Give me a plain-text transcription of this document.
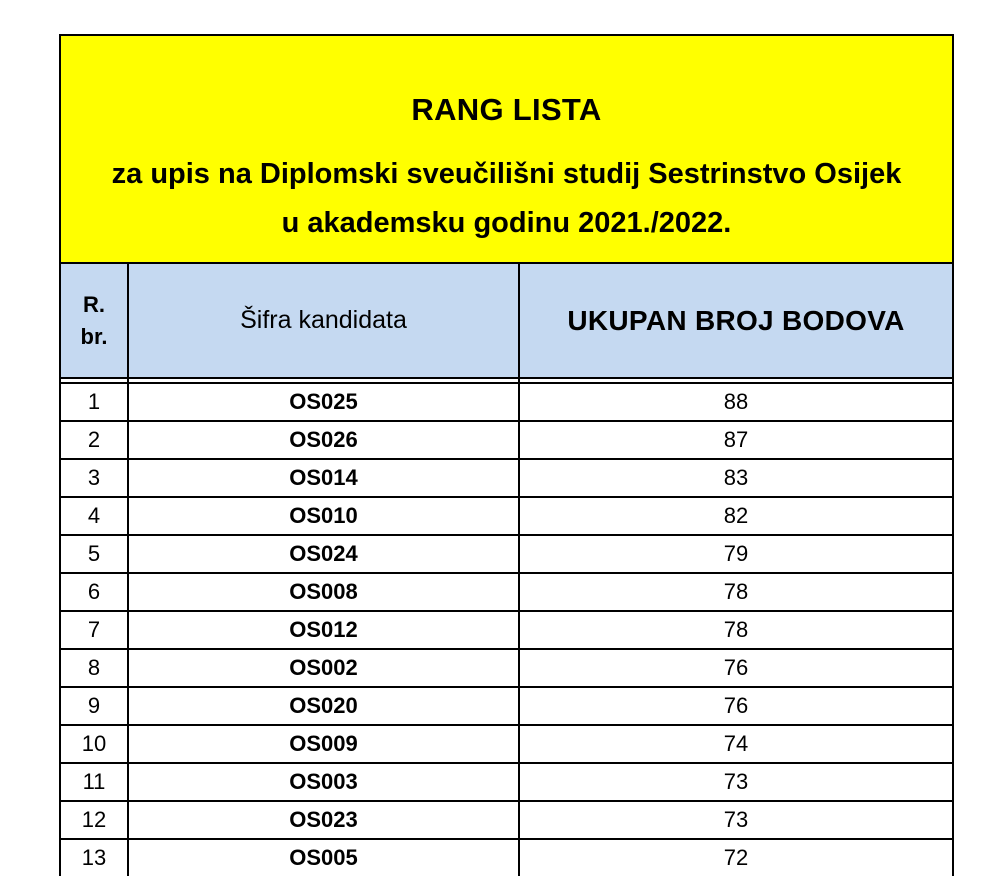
RANG LISTA
za upis na Diplomski sveučilišni studij Sestrinstvo Osijek
u akademsku godinu 2021./2022.
R.
br.	Šifra kandidata	UKUPAN BROJ BODOVA

1	OS025	88
2	OS026	87
3	OS014	83
4	OS010	82
5	OS024	79
6	OS008	78
7	OS012	78
8	OS002	76
9	OS020	76
10	OS009	74
11	OS003	73
12	OS023	73
13	OS005	72
